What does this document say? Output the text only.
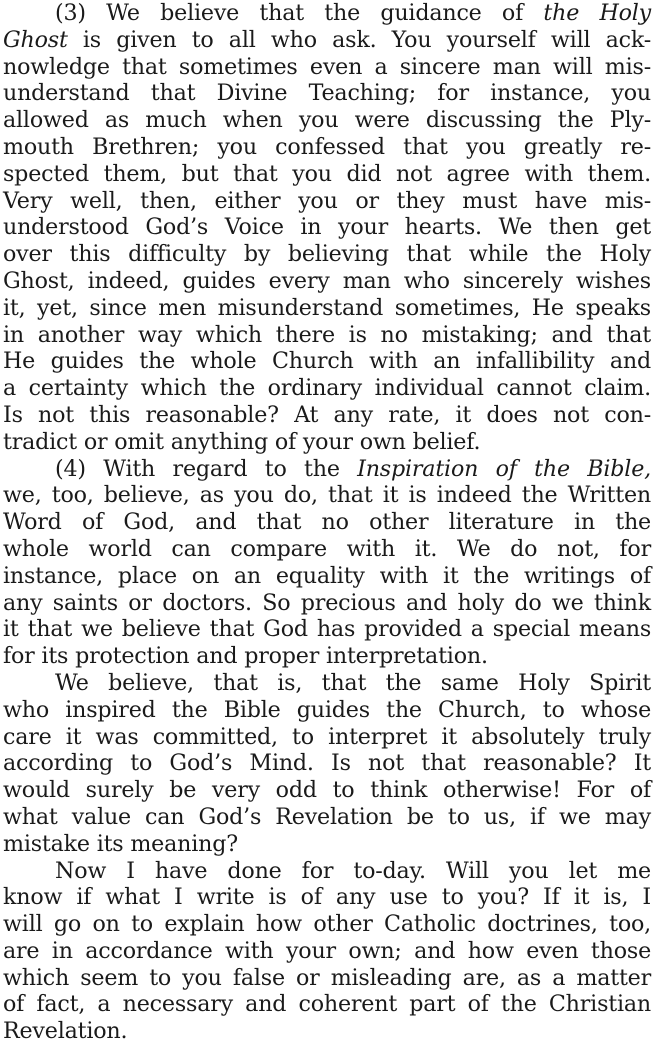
(3) We believe that the guidance of the Holy
Ghost is given to all who ask. You yourself will ack-
nowledge that sometimes even a sincere man will mis-
understand that Divine Teaching; for instance, you
allowed as much when you were discussing the Ply-
mouth Brethren; you confessed that you greatly re-
spected them, but that you did not agree with them.
Very well, then, either you or they must have mis-
understood God’s Voice in your hearts. We then get
over this difficulty by believing that while the Holy
Ghost, indeed, guides every man who sincerely wishes
it, yet, since men misunderstand sometimes, He speaks
in another way which there is no mistaking; and that
He guides the whole Church with an infallibility and
a certainty which the ordinary individual cannot claim.
Is not this reasonable? At any rate, it does not con-
tradict or omit anything of your own belief.
(4) With regard to the Inspiration of the Bible,
we, too, believe, as you do, that it is indeed the Written
Word of God, and that no other literature in the
whole world can compare with it. We do not, for
instance, place on an equality with it the writings of
any saints or doctors. So precious and holy do we think
it that we believe that God has provided a special means
for its protection and proper interpretation.
We believe, that is, that the same Holy Spirit
who inspired the Bible guides the Church, to whose
care it was committed, to interpret it absolutely truly
according to God’s Mind. Is not that reasonable? It
would surely be very odd to think otherwise! For of
what value can God’s Revelation be to us, if we may
mistake its meaning?
Now I have done for to-day. Will you let me
know if what I write is of any use to you? If it is, I
will go on to explain how other Catholic doctrines, too,
are in accordance with your own; and how even those
which seem to you false or misleading are, as a matter
of fact, a necessary and coherent part of the Christian
Revelation.
